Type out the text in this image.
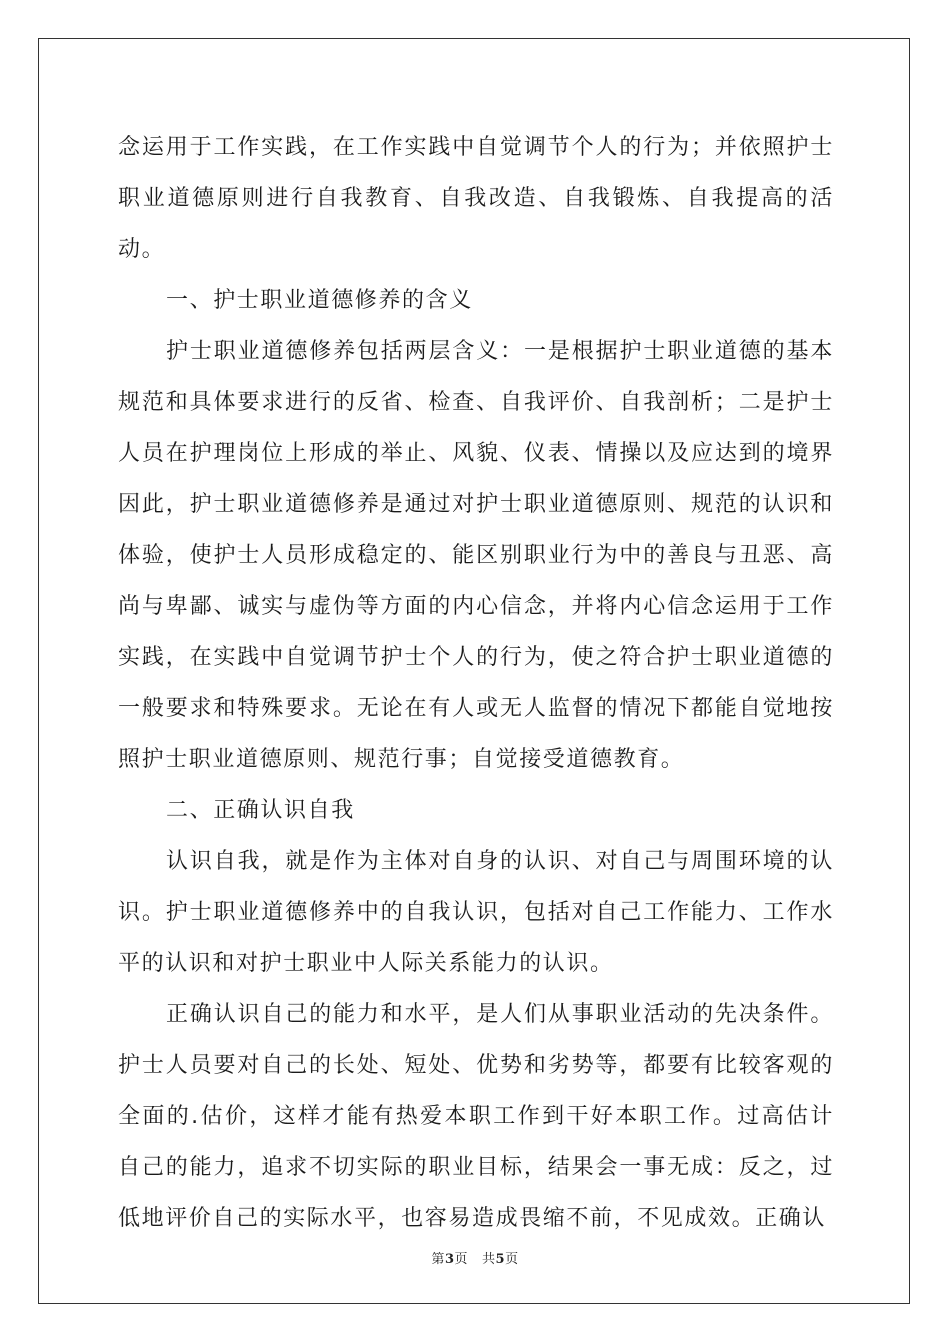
念运用于工作实践，在工作实践中自觉调节个人的行为；并依照护士职业道德原则进行自我教育、自我改造、自我锻炼、自我提高的活动。

一、护士职业道德修养的含义

护士职业道德修养包括两层含义：一是根据护士职业道德的基本规范和具体要求进行的反省、检查、自我评价、自我剖析；二是护士人员在护理岗位上形成的举止、风貌、仪表、情操以及应达到的境界因此，护士职业道德修养是通过对护士职业道德原则、规范的认识和体验，使护士人员形成稳定的、能区别职业行为中的善良与丑恶、高尚与卑鄙、诚实与虚伪等方面的内心信念，并将内心信念运用于工作实践，在实践中自觉调节护士个人的行为，使之符合护士职业道德的一般要求和特殊要求。无论在有人或无人监督的情况下都能自觉地按照护士职业道德原则、规范行事；自觉接受道德教育。

二、正确认识自我

认识自我，就是作为主体对自身的认识、对自己与周围环境的认识。护士职业道德修养中的自我认识，包括对自己工作能力、工作水平的认识和对护士职业中人际关系能力的认识。

正确认识自己的能力和水平，是人们从事职业活动的先决条件。护士人员要对自己的长处、短处、优势和劣势等，都要有比较客观的全面的.估价，这样才能有热爱本职工作到干好本职工作。过高估计自己的能力，追求不切实际的职业目标，结果会一事无成：反之，过低地评价自己的实际水平，也容易造成畏缩不前，不见成效。正确认

第3页 共5页
